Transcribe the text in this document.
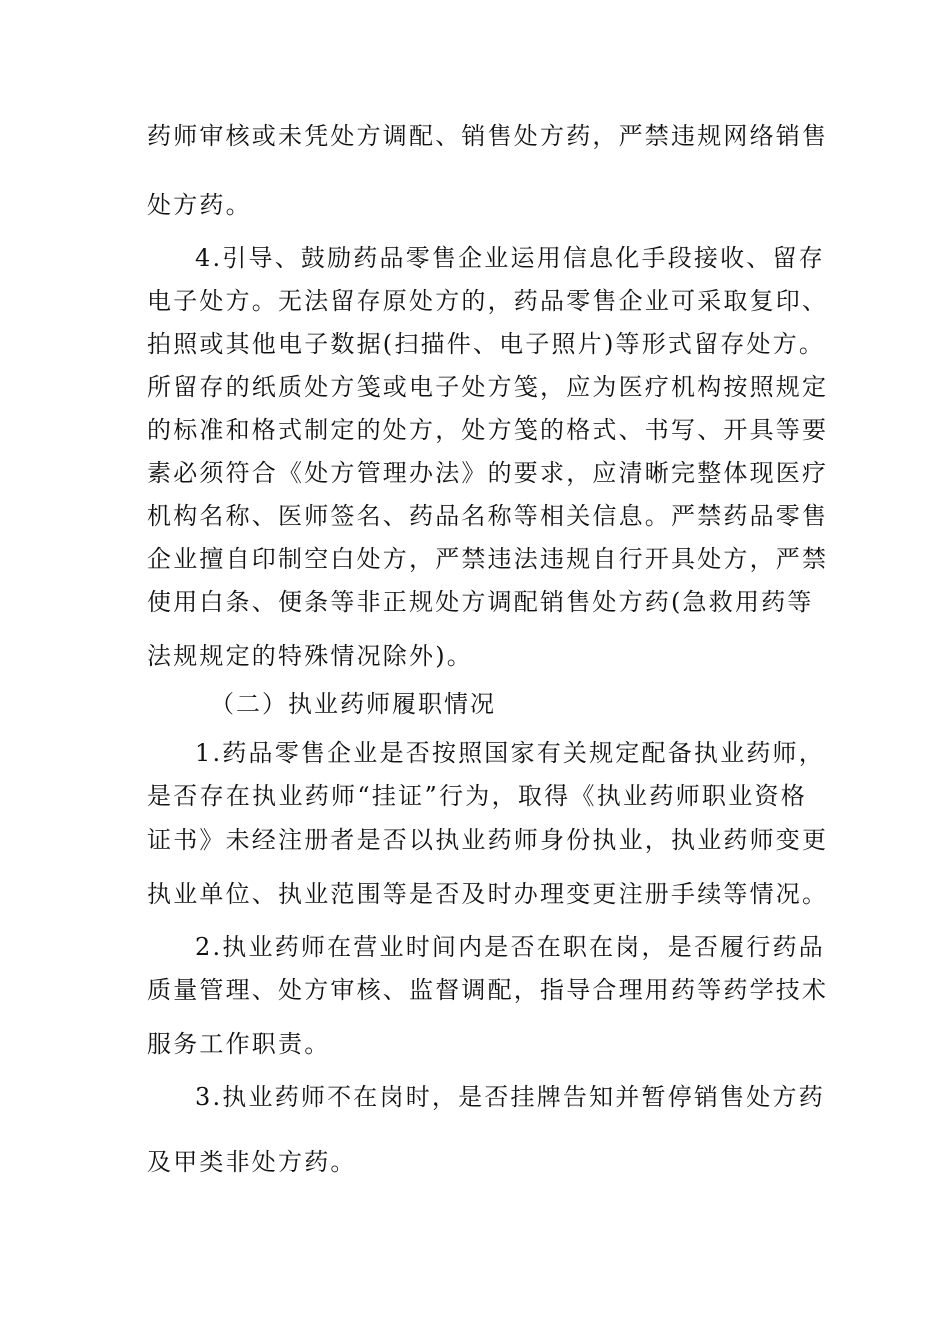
药师审核或未凭处方调配、销售处方药，严禁违规网络销售
处方药。
4.引导、鼓励药品零售企业运用信息化手段接收、留存
电子处方。无法留存原处方的，药品零售企业可采取复印、
拍照或其他电子数据(扫描件、电子照片)等形式留存处方。
所留存的纸质处方笺或电子处方笺，应为医疗机构按照规定
的标准和格式制定的处方，处方笺的格式、书写、开具等要
素必须符合《处方管理办法》的要求，应清晰完整体现医疗
机构名称、医师签名、药品名称等相关信息。严禁药品零售
企业擅自印制空白处方，严禁违法违规自行开具处方，严禁
使用白条、便条等非正规处方调配销售处方药(急救用药等
法规规定的特殊情况除外)。
（二）执业药师履职情况
1.药品零售企业是否按照国家有关规定配备执业药师，
是否存在执业药师“挂证”行为，取得《执业药师职业资格
证书》未经注册者是否以执业药师身份执业，执业药师变更
执业单位、执业范围等是否及时办理变更注册手续等情况。
2.执业药师在营业时间内是否在职在岗，是否履行药品
质量管理、处方审核、监督调配，指导合理用药等药学技术
服务工作职责。
3.执业药师不在岗时，是否挂牌告知并暂停销售处方药
及甲类非处方药。
